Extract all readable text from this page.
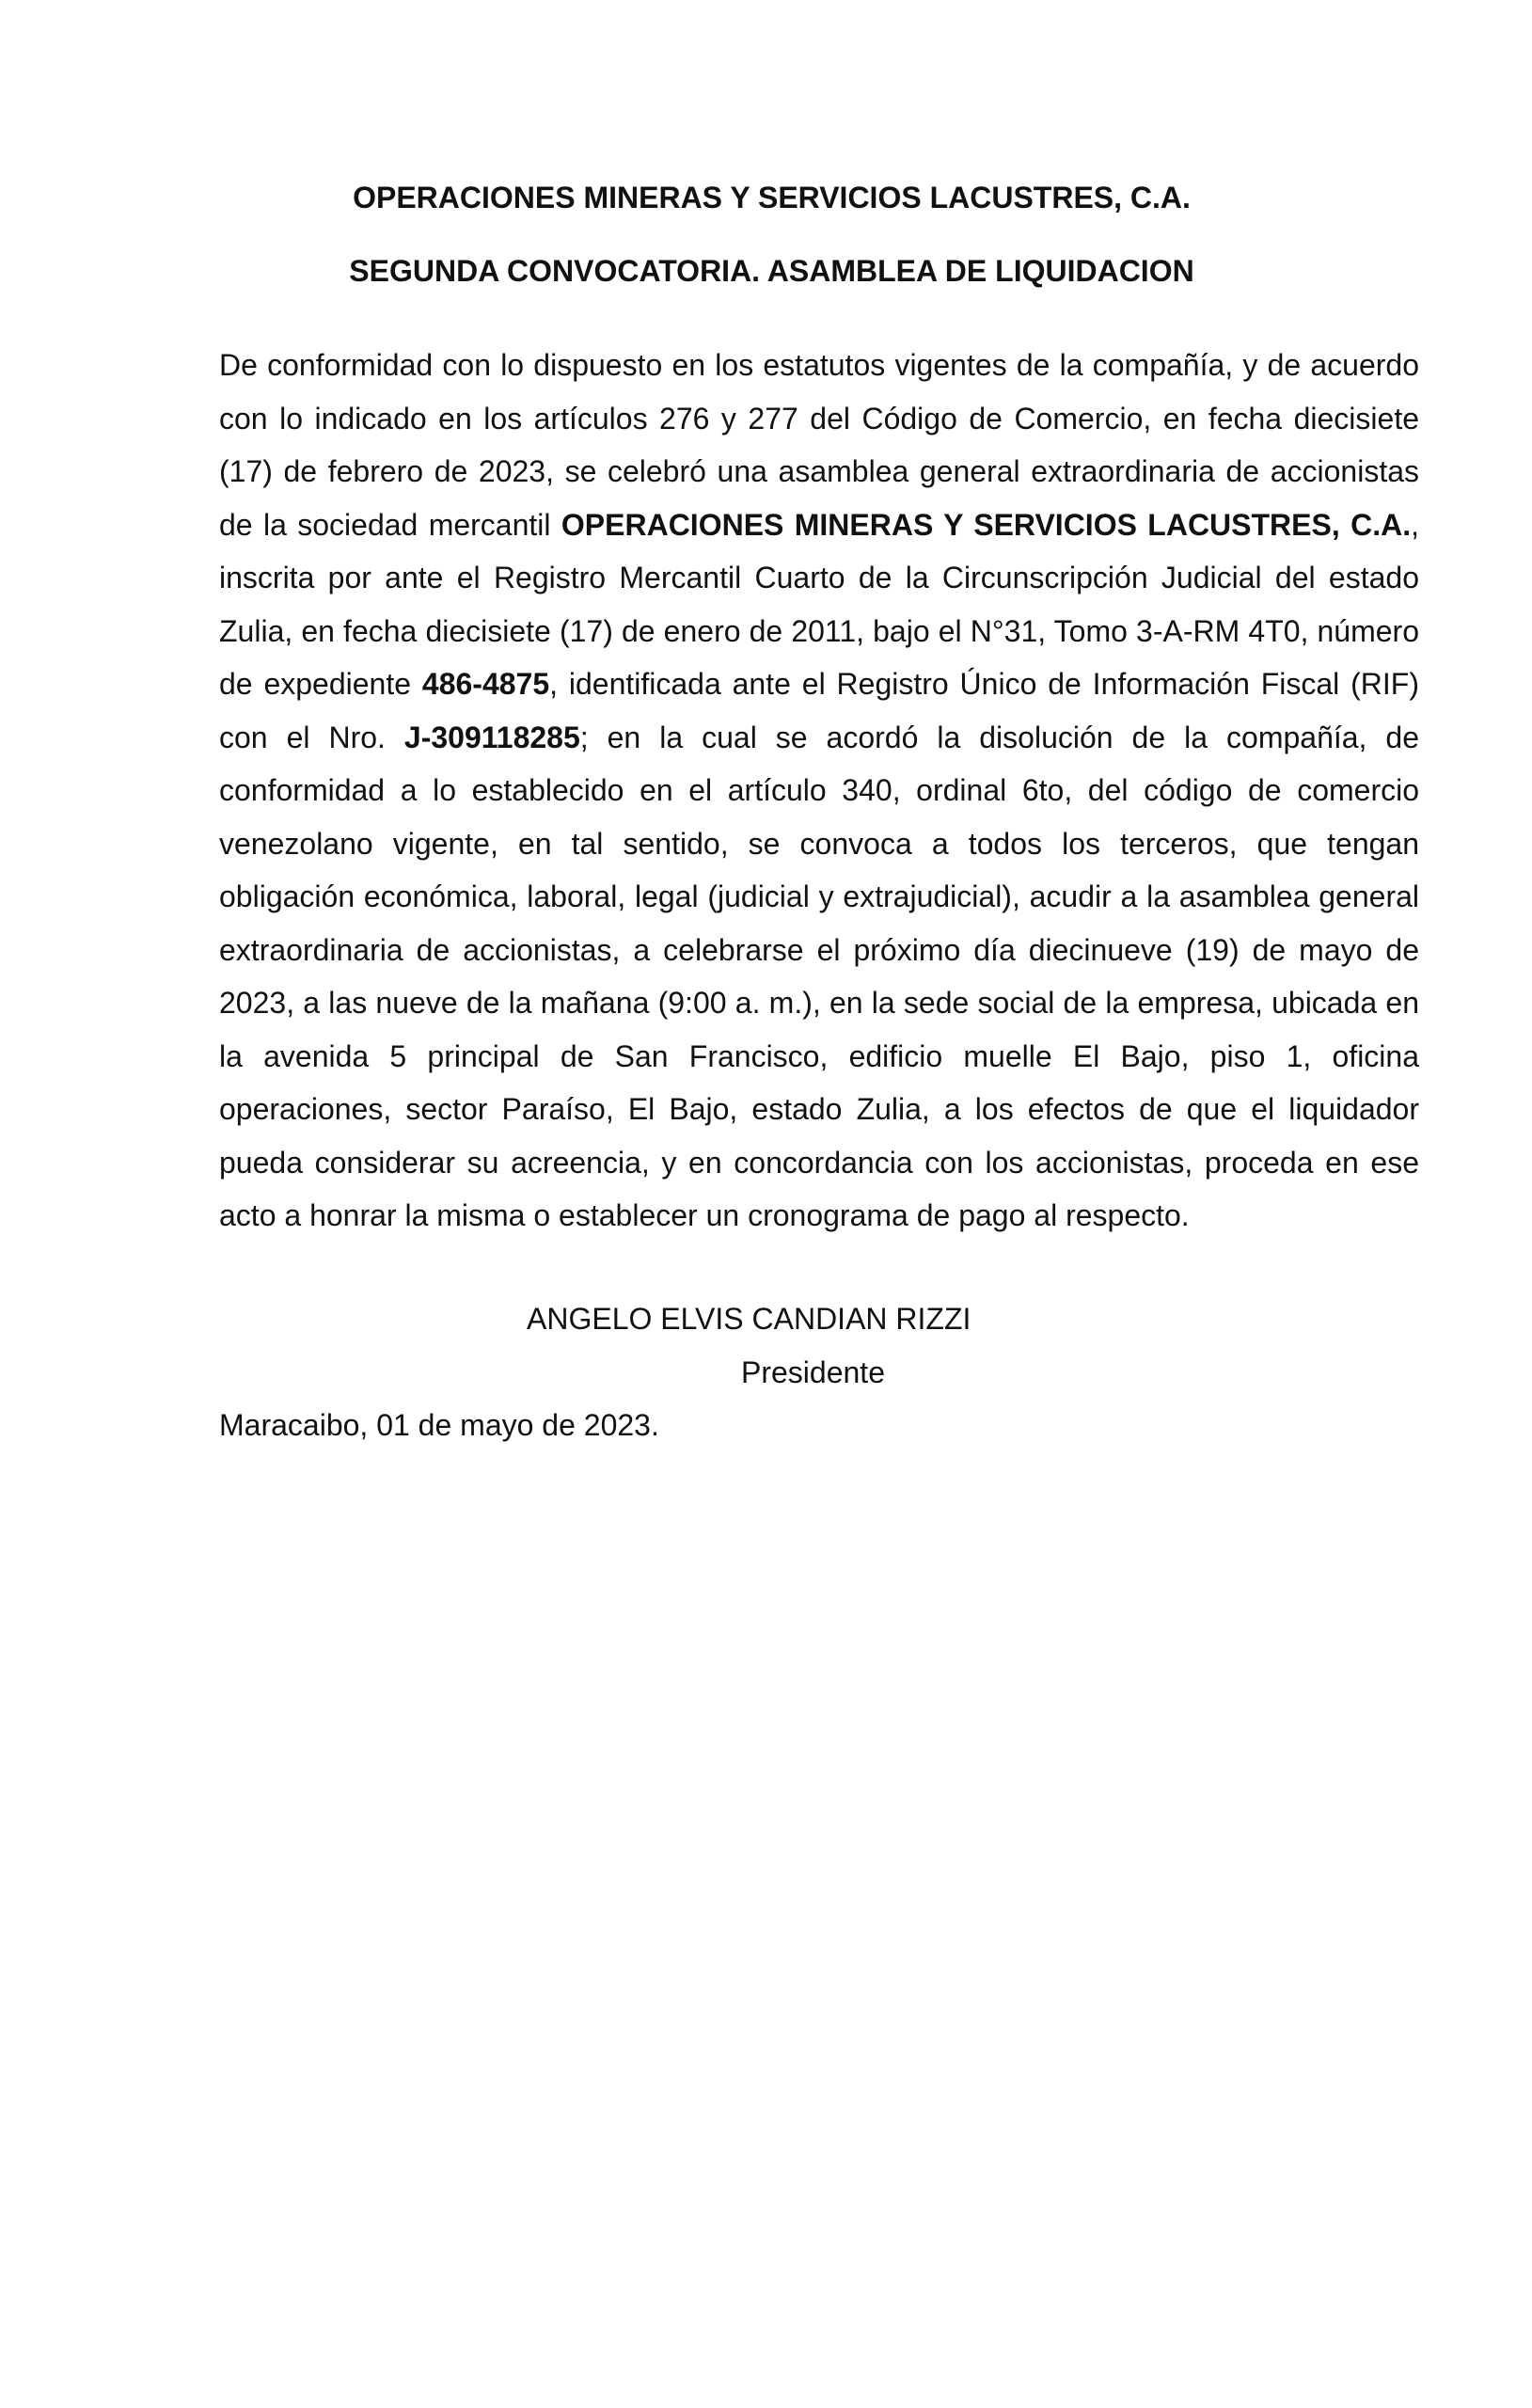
OPERACIONES MINERAS Y SERVICIOS LACUSTRES, C.A.
SEGUNDA CONVOCATORIA. ASAMBLEA DE LIQUIDACION

De conformidad con lo dispuesto en los estatutos vigentes de la compañía, y de acuerdo con lo indicado en los artículos 276 y 277 del Código de Comercio, en fecha diecisiete (17) de febrero de 2023, se celebró una asamblea general extraordinaria de accionistas de la sociedad mercantil OPERACIONES MINERAS Y SERVICIOS LACUSTRES, C.A., inscrita por ante el Registro Mercantil Cuarto de la Circunscripción Judicial del estado Zulia, en fecha diecisiete (17) de enero de 2011, bajo el N°31, Tomo 3-A-RM 4T0, número de expediente 486-4875, identificada ante el Registro Único de Información Fiscal (RIF) con el Nro. J-309118285; en la cual se acordó la disolución de la compañía, de conformidad a lo establecido en el artículo 340, ordinal 6to, del código de comercio venezolano vigente, en tal sentido, se convoca a todos los terceros, que tengan obligación económica, laboral, legal (judicial y extrajudicial), acudir a la asamblea general extraordinaria de accionistas, a celebrarse el próximo día diecinueve (19) de mayo de 2023, a las nueve de la mañana (9:00 a. m.), en la sede social de la empresa, ubicada en la avenida 5 principal de San Francisco, edificio muelle El Bajo, piso 1, oficina operaciones, sector Paraíso, El Bajo, estado Zulia, a los efectos de que el liquidador pueda considerar su acreencia, y en concordancia con los accionistas, proceda en ese acto a honrar la misma o establecer un cronograma de pago al respecto.

ANGELO ELVIS CANDIAN RIZZI

Presidente

Maracaibo, 01 de mayo de 2023.
